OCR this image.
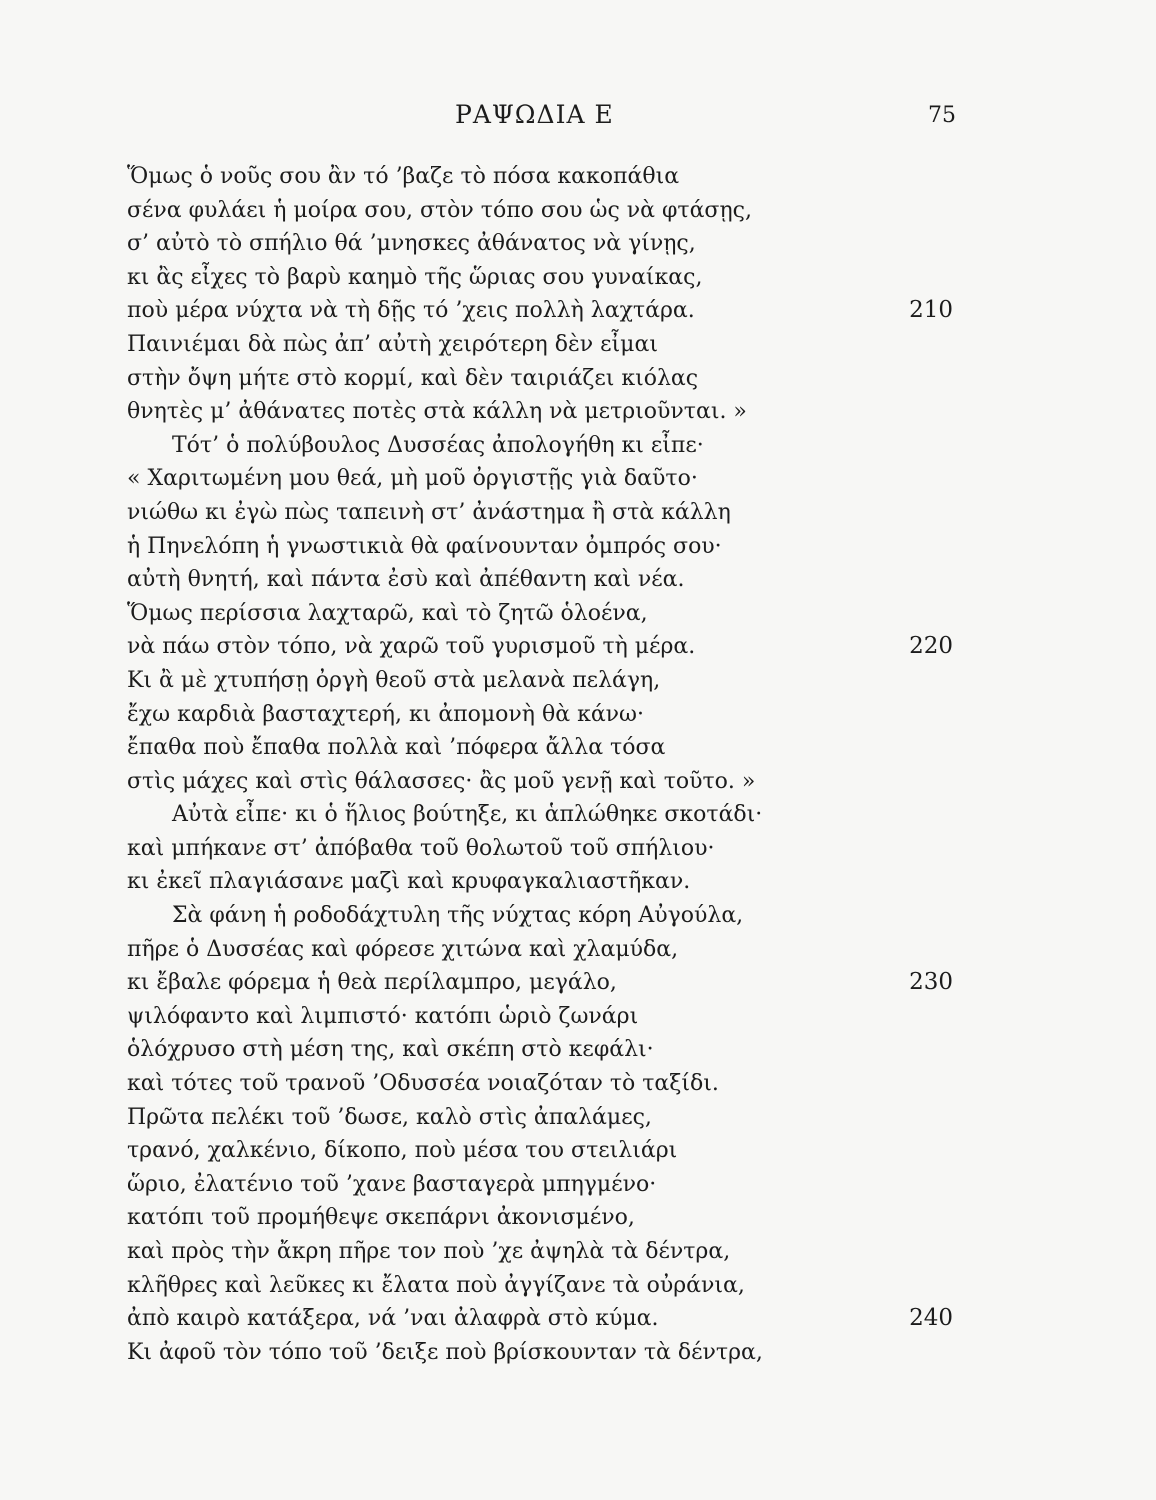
ΡΑΨΩΔΙΑ Ε	75
Ὅμως ὁ νοῦς σου ἂν τό ’βαζε τὸ πόσα κακοπάθια
σένα φυλάει ἡ μοίρα σου, στὸν τόπο σου ὡς νὰ φτάσῃς,
σ’ αὐτὸ τὸ σπήλιο θά ’μνησκες ἀθάνατος νὰ γίνῃς,
κι ἂς εἶχες τὸ βαρὺ καημὸ τῆς ὥριας σου γυναίκας,
ποὺ μέρα νύχτα νὰ τὴ δῇς τό ’χεις πολλὴ λαχτάρα.	210
Παινιέμαι δὰ πὼς ἀπ’ αὐτὴ χειρότερη δὲν εἶμαι
στὴν ὄψη μήτε στὸ κορμί, καὶ δὲν ταιριάζει κιόλας
θνητὲς μ’ ἀθάνατες ποτὲς στὰ κάλλη νὰ μετριοῦνται. »
Τότ’ ὁ πολύβουλος Δυσσέας ἀπολογήθη κι εἶπε·
« Χαριτωμένη μου θεά, μὴ μοῦ ὀργιστῇς γιὰ δαῦτο·
νιώθω κι ἐγὼ πὼς ταπεινὴ στ’ ἀνάστημα ἢ στὰ κάλλη
ἡ Πηνελόπη ἡ γνωστικιὰ θὰ φαίνουνταν ὀμπρός σου·
αὐτὴ θνητή, καὶ πάντα ἐσὺ καὶ ἀπέθαντη καὶ νέα.
Ὅμως περίσσια λαχταρῶ, καὶ τὸ ζητῶ ὁλοένα,
νὰ πάω στὸν τόπο, νὰ χαρῶ τοῦ γυρισμοῦ τὴ μέρα.	220
Κι ἂ μὲ χτυπήσῃ ὀργὴ θεοῦ στὰ μελανὰ πελάγη,
ἔχω καρδιὰ βασταχτερή, κι ἀπομονὴ θὰ κάνω·
ἔπαθα ποὺ ἔπαθα πολλὰ καὶ ’πόφερα ἄλλα τόσα
στὶς μάχες καὶ στὶς θάλασσες· ἂς μοῦ γενῇ καὶ τοῦτο. »
Αὐτὰ εἶπε· κι ὁ ἥλιος βούτηξε, κι ἁπλώθηκε σκοτάδι·
καὶ μπήκανε στ’ ἀπόβαθα τοῦ θολωτοῦ τοῦ σπήλιου·
κι ἐκεῖ πλαγιάσανε μαζὶ καὶ κρυφαγκαλιαστῆκαν.
Σὰ φάνη ἡ ροδοδάχτυλη τῆς νύχτας κόρη Αὐγούλα,
πῆρε ὁ Δυσσέας καὶ φόρεσε χιτώνα καὶ χλαμύδα,
κι ἔβαλε φόρεμα ἡ θεὰ περίλαμπρο, μεγάλο,	230
ψιλόφαντο καὶ λιμπιστό· κατόπι ὡριὸ ζωνάρι
ὁλόχρυσο στὴ μέση της, καὶ σκέπη στὸ κεφάλι·
καὶ τότες τοῦ τρανοῦ ’Οδυσσέα νοιαζόταν τὸ ταξίδι.
Πρῶτα πελέκι τοῦ ’δωσε, καλὸ στὶς ἀπαλάμες,
τρανό, χαλκένιο, δίκοπο, ποὺ μέσα του στειλιάρι
ὥριο, ἐλατένιο τοῦ ’χανε βασταγερὰ μπηγμένο·
κατόπι τοῦ προμήθεψε σκεπάρνι ἀκονισμένο,
καὶ πρὸς τὴν ἄκρη πῆρε τον ποὺ ’χε ἀψηλὰ τὰ δέντρα,
κλῆθρες καὶ λεῦκες κι ἔλατα ποὺ ἀγγίζανε τὰ οὐράνια,
ἀπὸ καιρὸ κατάξερα, νά ’ναι ἀλαφρὰ στὸ κύμα.	240
Κι ἀφοῦ τὸν τόπο τοῦ ’δειξε ποὺ βρίσκουνταν τὰ δέντρα,
